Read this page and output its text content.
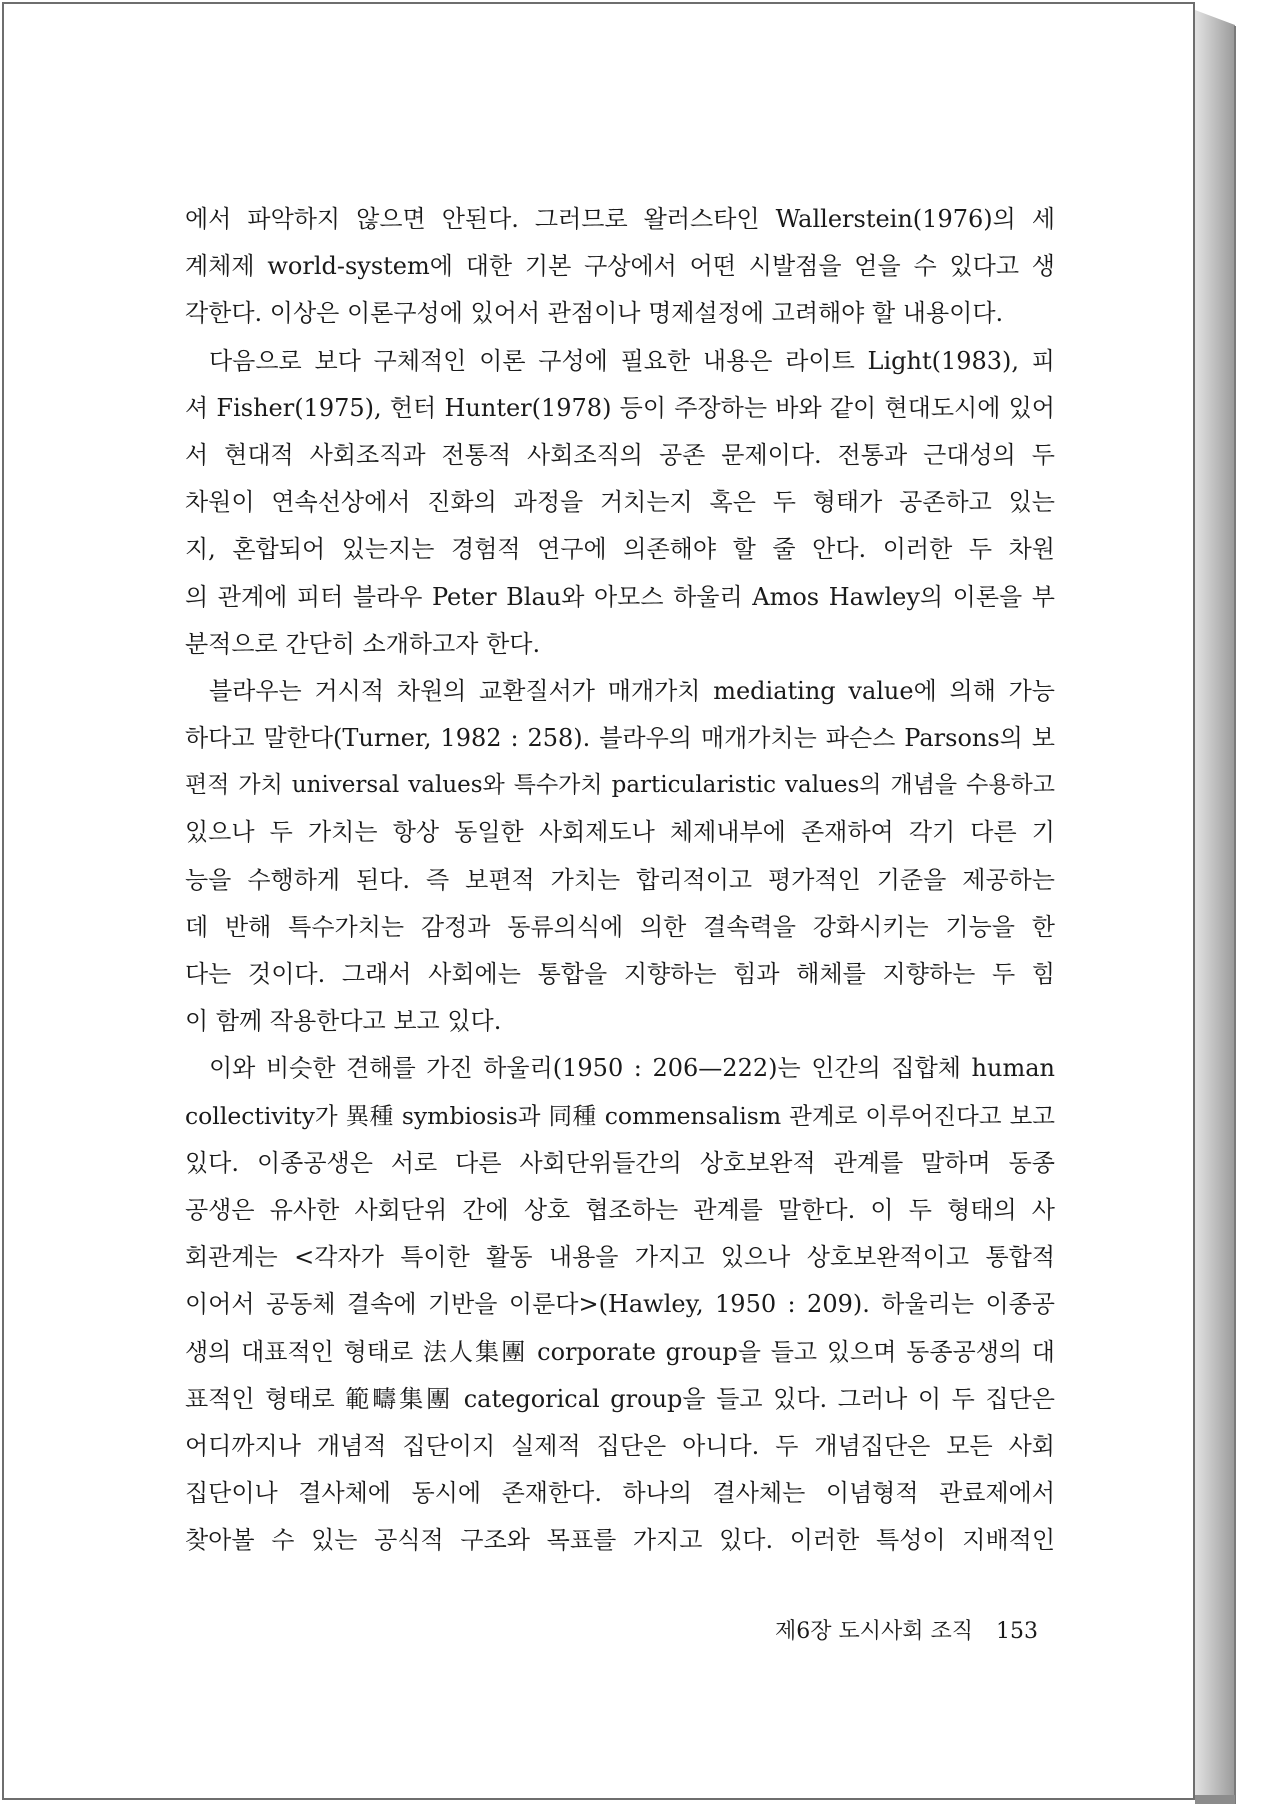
에서 파악하지 않으면 안된다. 그러므로 왈러스타인 Wallerstein(1976)의 세
계체제 world-system에 대한 기본 구상에서 어떤 시발점을 얻을 수 있다고 생
각한다. 이상은 이론구성에 있어서 관점이나 명제설정에 고려해야 할 내용이다.
다음으로 보다 구체적인 이론 구성에 필요한 내용은 라이트 Light(1983), 피
셔 Fisher(1975), 헌터 Hunter(1978) 등이 주장하는 바와 같이 현대도시에 있어
서 현대적 사회조직과 전통적 사회조직의 공존 문제이다. 전통과 근대성의 두
차원이 연속선상에서 진화의 과정을 거치는지 혹은 두 형태가 공존하고 있는
지, 혼합되어 있는지는 경험적 연구에 의존해야 할 줄 안다. 이러한 두 차원
의 관계에 피터 블라우 Peter Blau와 아모스 하울리 Amos Hawley의 이론을 부
분적으로 간단히 소개하고자 한다.
블라우는 거시적 차원의 교환질서가 매개가치 mediating value에 의해 가능
하다고 말한다(Turner, 1982 : 258). 블라우의 매개가치는 파슨스 Parsons의 보
편적 가치 universal values와 특수가치 particularistic values의 개념을 수용하고
있으나 두 가치는 항상 동일한 사회제도나 체제내부에 존재하여 각기 다른 기
능을 수행하게 된다. 즉 보편적 가치는 합리적이고 평가적인 기준을 제공하는
데 반해 특수가치는 감정과 동류의식에 의한 결속력을 강화시키는 기능을 한
다는 것이다. 그래서 사회에는 통합을 지향하는 힘과 해체를 지향하는 두 힘
이 함께 작용한다고 보고 있다.
이와 비슷한 견해를 가진 하울리(1950 : 206—222)는 인간의 집합체 human
collectivity가 異種 symbiosis과 同種 commensalism 관계로 이루어진다고 보고
있다. 이종공생은 서로 다른 사회단위들간의 상호보완적 관계를 말하며 동종
공생은 유사한 사회단위 간에 상호 협조하는 관계를 말한다. 이 두 형태의 사
회관계는 <각자가 특이한 활동 내용을 가지고 있으나 상호보완적이고 통합적
이어서 공동체 결속에 기반을 이룬다>(Hawley, 1950 : 209). 하울리는 이종공
생의 대표적인 형태로 法人集團 corporate group을 들고 있으며 동종공생의 대
표적인 형태로 範疇集團 categorical group을 들고 있다. 그러나 이 두 집단은
어디까지나 개념적 집단이지 실제적 집단은 아니다. 두 개념집단은 모든 사회
집단이나 결사체에 동시에 존재한다. 하나의 결사체는 이념형적 관료제에서
찾아볼 수 있는 공식적 구조와 목표를 가지고 있다. 이러한 특성이 지배적인
제6장 도시사회 조직 153
